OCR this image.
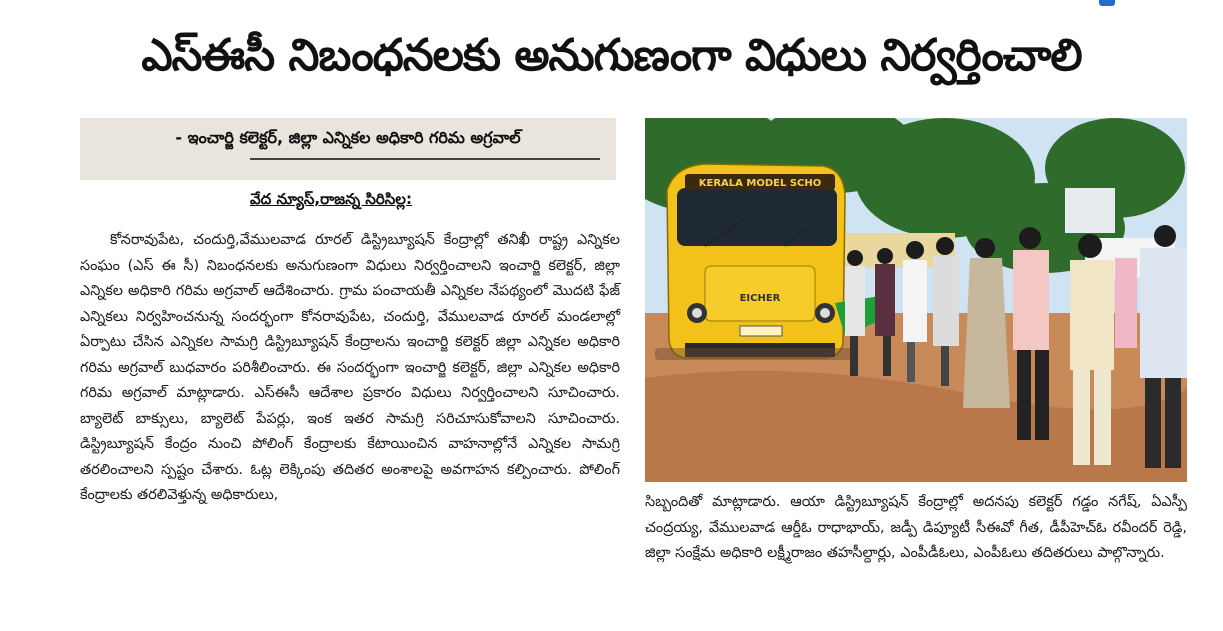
ఎస్ఈసీ నిబంధనలకు అనుగుణంగా విధులు నిర్వర్తించాలి
- ఇంచార్జి కలెక్టర్, జిల్లా ఎన్నికల అధికారి గరిమ అగ్రవాల్
వేద న్యూస్,రాజన్న సిరిసిల్ల:

కోనరావుపేట, చందుర్తి,వేములవాడ రూరల్ డిస్ట్రిబ్యూషన్ కేంద్రాల్లో తనిఖీ రాష్ట్ర ఎన్నికల సంఘం (ఎస్ ఈ సీ) నిబంధనలకు అనుగుణంగా విధులు నిర్వర్తించాలని ఇంచార్జి కలెక్టర్, జిల్లా ఎన్నికల అధికారి గరిమ అగ్రవాల్ ఆదేశించారు. గ్రామ పంచాయతీ ఎన్నికల నేపథ్యంలో మొదటి ఫేజ్ ఎన్నికలు నిర్వహించనున్న సందర్భంగా కోనరావుపేట, చందుర్తి, వేములవాడ రూరల్ మండలాల్లో ఏర్పాటు చేసిన ఎన్నికల సామగ్రి డిస్ట్రిబ్యూషన్ కేంద్రాలను ఇంచార్జి కలెక్టర్ జిల్లా ఎన్నికల అధికారి గరిమ అగ్రవాల్ బుధవారం పరిశీలించారు. ఈ సందర్భంగా ఇంచార్జి కలెక్టర్, జిల్లా ఎన్నికల అధికారి గరిమ అగ్రవాల్ మాట్లాడారు. ఎస్ఈసీ ఆదేశాల ప్రకారం విధులు నిర్వర్తించాలని సూచించారు. బ్యాలెట్ బాక్సులు, బ్యాలెట్ పేపర్లు, ఇంక ఇతర సామగ్రి సరిచూసుకోవాలని సూచించారు. డిస్ట్రిబ్యూషన్ కేంద్రం నుంచి పోలింగ్ కేంద్రాలకు కేటాయించిన వాహనాల్లోనే ఎన్నికల సామగ్రి తరలించాలని స్పష్టం చేశారు. ఓట్ల లెక్కింపు తదితర అంశాలపై అవగాహన కల్పించారు. పోలింగ్ కేంద్రాలకు తరలివెళ్తున్న అధికారులు,

KERALA MODEL SCHO
EICHER

సిబ్బందితో మాట్లాడారు. ఆయా డిస్ట్రిబ్యూషన్ కేంద్రాల్లో అదనపు కలెక్టర్ గడ్డం నగేష్, ఏఎస్పీ చంద్రయ్య, వేములవాడ ఆర్డీఓ రాధాభాయ్, జడ్పీ డిప్యూటీ సీఈవో గీత, డీపీహెచ్ఓ రవీందర్ రెడ్డి, జిల్లా సంక్షేమ అధికారి లక్ష్మీరాజం తహసీల్దార్లు, ఎంపీడీఓలు, ఎంపీఓలు తదితరులు పాల్గొన్నారు.
